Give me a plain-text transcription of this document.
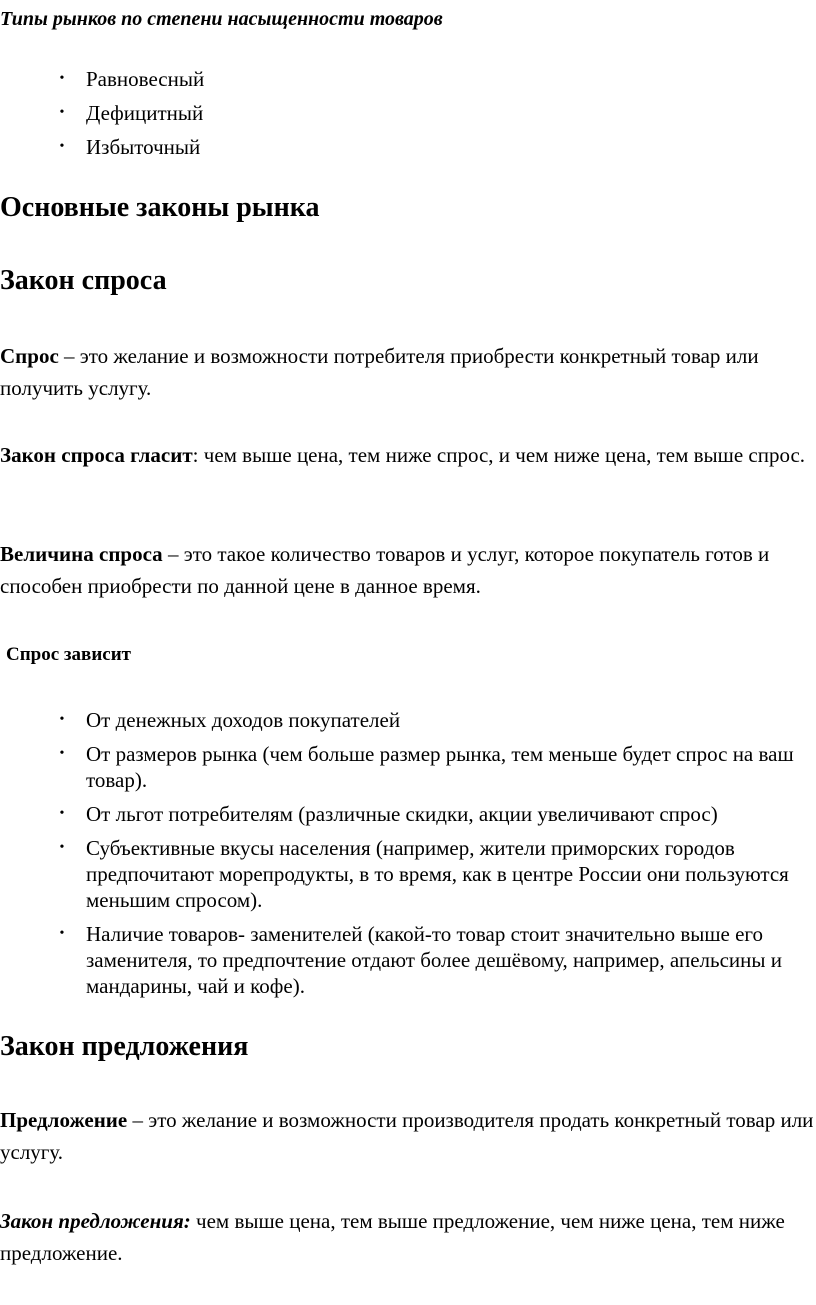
Типы рынков по степени насыщенности товаров
• Равновесный
• Дефицитный
• Избыточный
Основные законы рынка
Закон спроса

Спрос – это желание и возможности потребителя приобрести конкретный товар или получить услугу.

Закон спроса гласит: чем выше цена, тем ниже спрос, и чем ниже цена, тем выше спрос.

Величина спроса – это такое количество товаров и услуг, которое покупатель готов и способен приобрести по данной цене в данное время.

Спрос зависит
• От денежных доходов покупателей
• От размеров рынка (чем больше размер рынка, тем меньше будет спрос на ваш товар).
• От льгот потребителям (различные скидки, акции увеличивают спрос)
• Субъективные вкусы населения (например, жители приморских городов предпочитают морепродукты, в то время, как в центре России они пользуются меньшим спросом).
• Наличие товаров- заменителей (какой-то товар стоит значительно выше его заменителя, то предпочтение отдают более дешёвому, например, апельсины и мандарины, чай и кофе).
Закон предложения

Предложение – это желание и возможности производителя продать конкретный товар или услугу.

Закон предложения: чем выше цена, тем выше предложение, чем ниже цена, тем ниже предложение.
